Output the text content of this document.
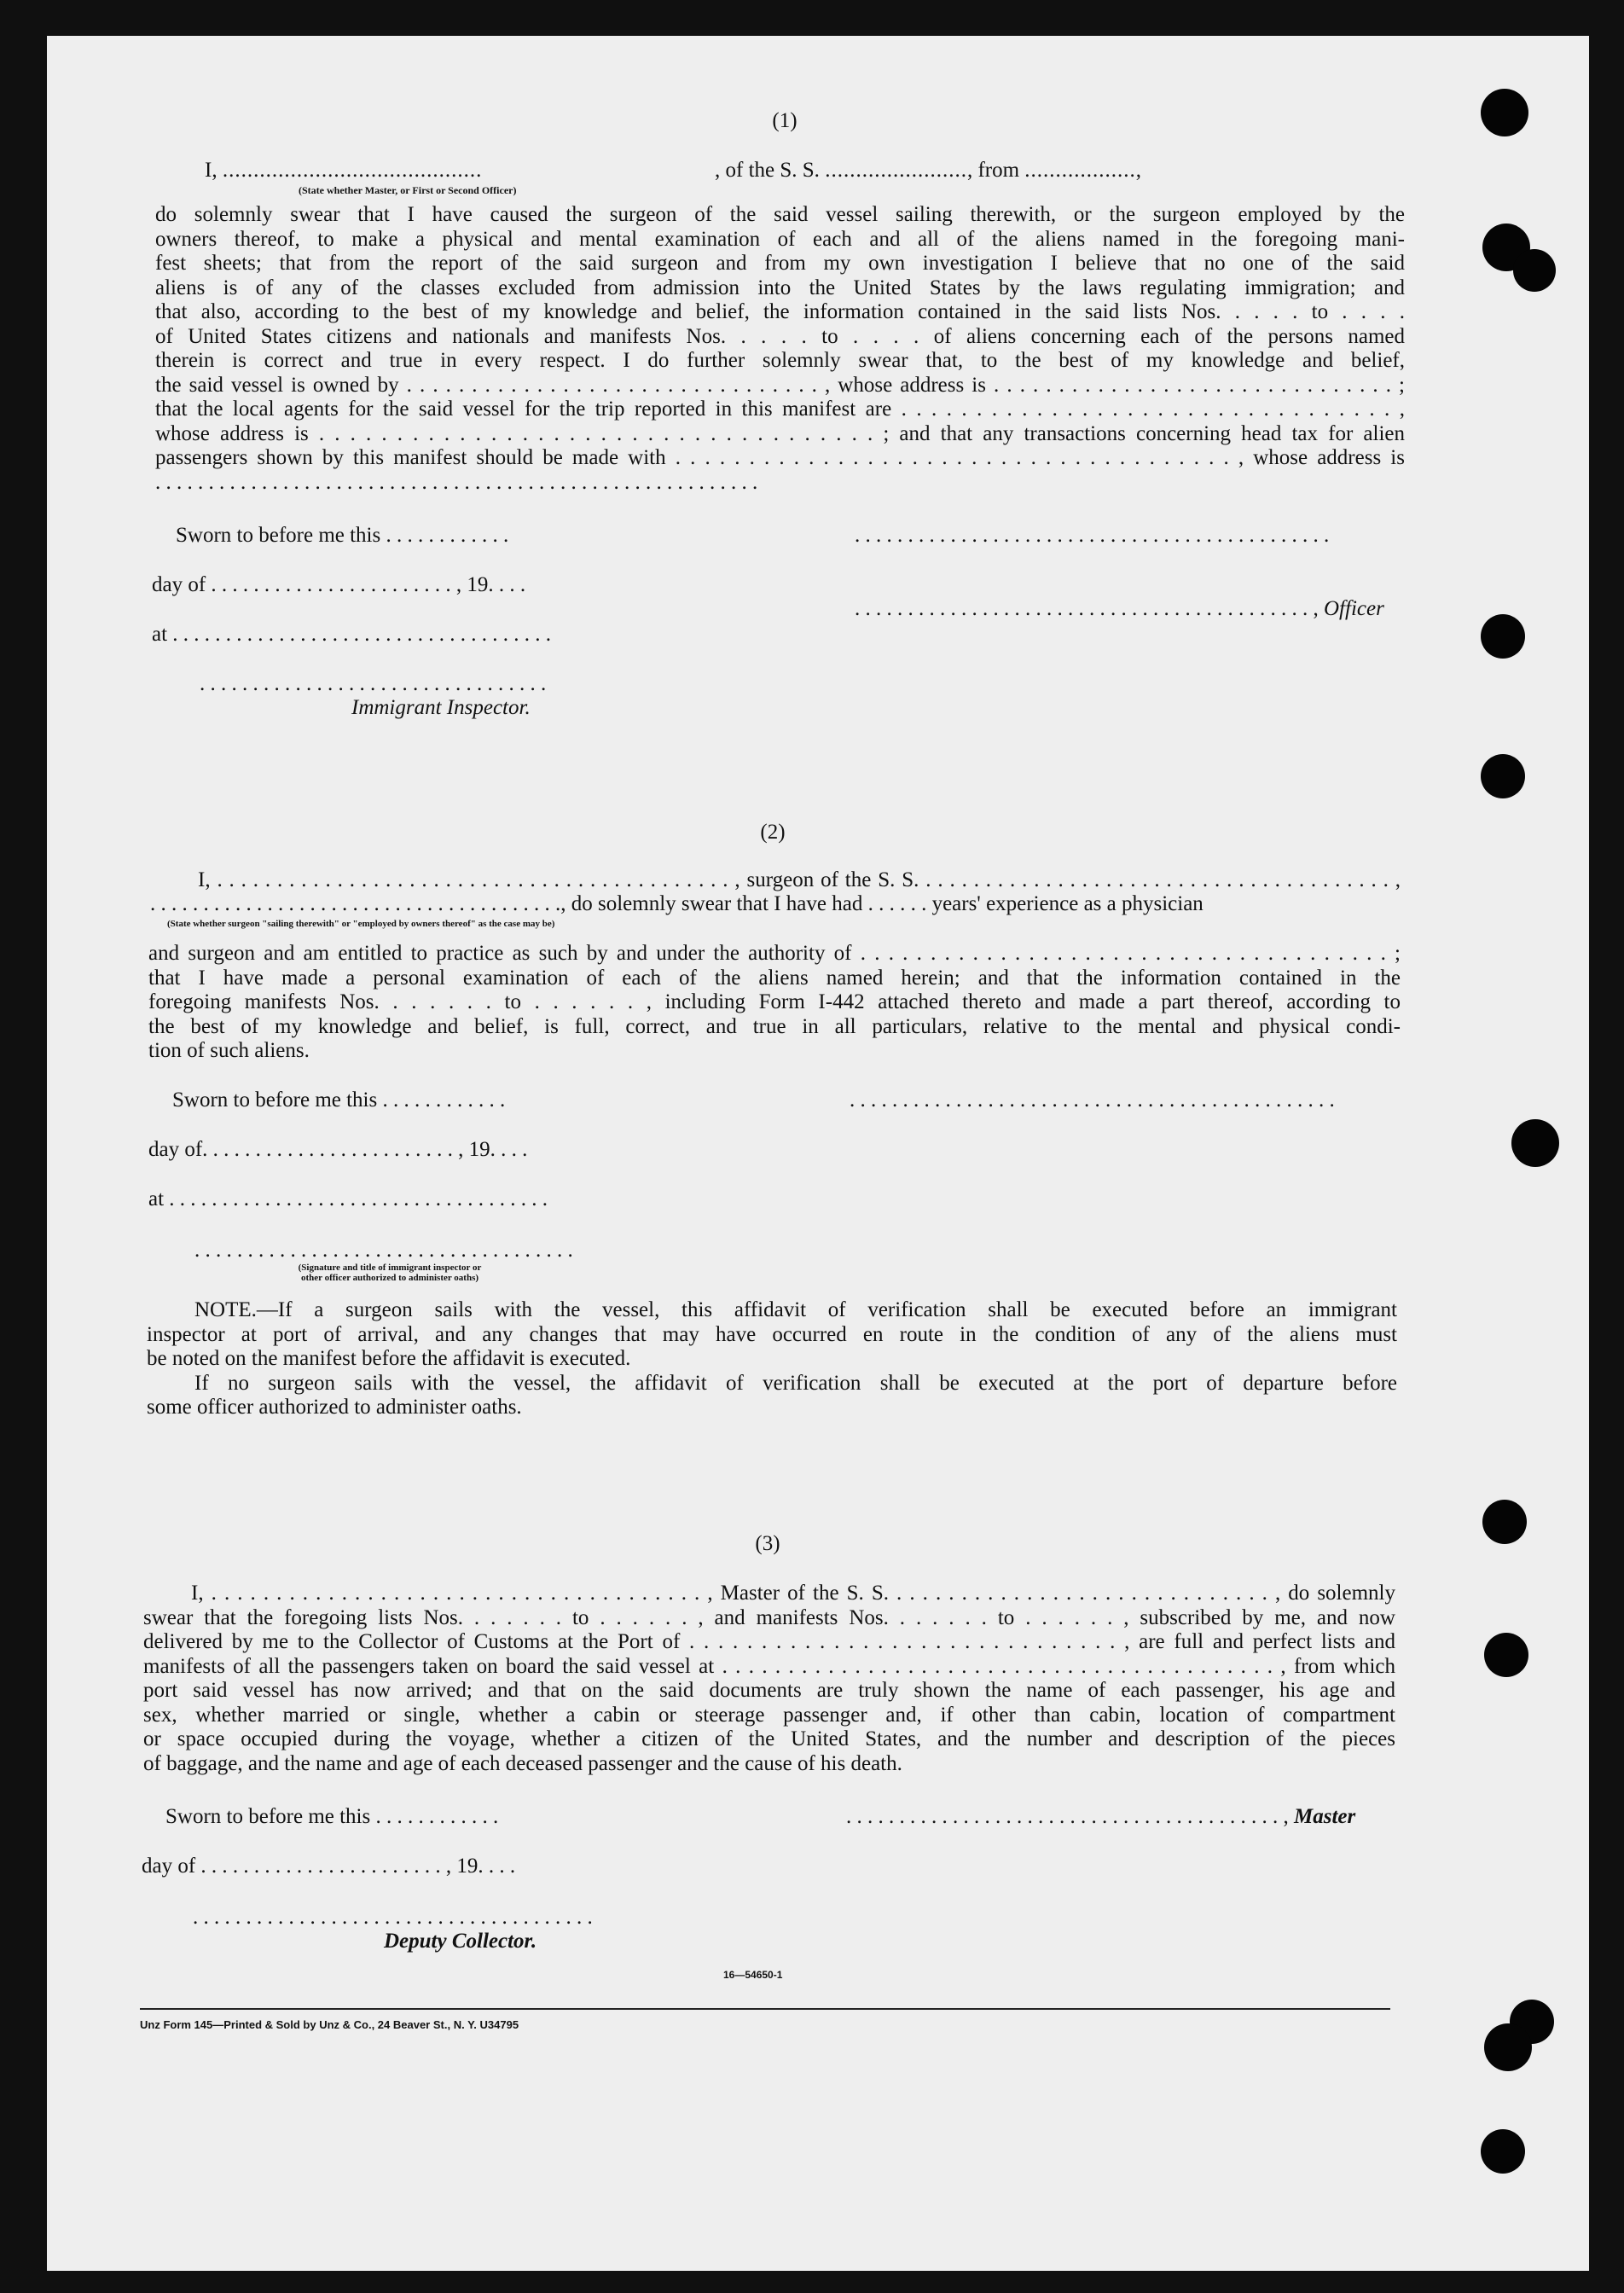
(1)
I, ..........................................	, of the S. S. ......................., from ..................,
(State whether Master, or First or Second Officer)
do solemnly swear that I have caused the surgeon of the said vessel sailing therewith, or the surgeon employed by the
owners thereof, to make a physical and mental examination of each and all of the aliens named in the foregoing mani-
fest sheets; that from the report of the said surgeon and from my own investigation I believe that no one of the said
aliens is of any of the classes excluded from admission into the United States by the laws regulating immigration; and
that also, according to the best of my knowledge and belief, the information contained in the said lists Nos. . . . . to . . . .
of United States citizens and nationals and manifests Nos. . . . . to . . . . of aliens concerning each of the persons named
therein is correct and true in every respect. I do further solemnly swear that, to the best of my knowledge and belief,
the said vessel is owned by . . . . . . . . . . . . . . . . . . . . . . . . . . . . . . . . , whose address is . . . . . . . . . . . . . . . . . . . . . . . . . . . . . . . ;
that the local agents for the said vessel for the trip reported in this manifest are . . . . . . . . . . . . . . . . . . . . . . . . . . . . . . . . . ,
whose address is . . . . . . . . . . . . . . . . . . . . . . . . . . . . . . . . . . . . ; and that any transactions concerning head tax for alien
passengers shown by this manifest should be made with . . . . . . . . . . . . . . . . . . . . . . . . . . . . . . . . . . . . . . , whose address is
. . . . . . . . . . . . . . . . . . . . . . . . . . . . . . . . . . . . . . . . . . . . . . . . . . . . . . . . .
Sworn to before me this . . . . . . . . . . . .	. . . . . . . . . . . . . . . . . . . . . . . . . . . . . . . . . . . . . . . . . . . . .
day of . . . . . . . . . . . . . . . . . . . . . . . , 19. . . .
. . . . . . . . . . . . . . . . . . . . . . . . . . . . . . . . . . . . . . . . . . . , Officer
at . . . . . . . . . . . . . . . . . . . . . . . . . . . . . . . . . . . .
. . . . . . . . . . . . . . . . . . . . . . . . . . . . . . . . .
Immigrant Inspector.
(2)
I, . . . . . . . . . . . . . . . . . . . . . . . . . . . . . . . . . . . . . . . . . . . , surgeon of the S. S. . . . . . . . . . . . . . . . . . . . . . . . . . . . . . . . . . . . . . . . ,
. . . . . . . . . . . . . . . . . . . . . . . . . . . . . . . . . . . . . . ., do solemnly swear that I have had . . . . . . years' experience as a physician
(State whether surgeon "sailing therewith" or "employed by owners thereof" as the case may be)
and surgeon and am entitled to practice as such by and under the authority of . . . . . . . . . . . . . . . . . . . . . . . . . . . . . . . . . . . . . . ;
that I have made a personal examination of each of the aliens named herein; and that the information contained in the
foregoing manifests Nos. . . . . . . to . . . . . . , including Form I-442 attached thereto and made a part thereof, according to
the best of my knowledge and belief, is full, correct, and true in all particulars, relative to the mental and physical condi-
tion of such aliens.
Sworn to before me this . . . . . . . . . . . .	. . . . . . . . . . . . . . . . . . . . . . . . . . . . . . . . . . . . . . . . . . . . . .
day of. . . . . . . . . . . . . . . . . . . . . . . . , 19. . . .
at . . . . . . . . . . . . . . . . . . . . . . . . . . . . . . . . . . . .
. . . . . . . . . . . . . . . . . . . . . . . . . . . . . . . . . . . .
(Signature and title of immigrant inspector or
other officer authorized to administer oaths)
NOTE.—If a surgeon sails with the vessel, this affidavit of verification shall be executed before an immigrant
inspector at port of arrival, and any changes that may have occurred en route in the condition of any of the aliens must
be noted on the manifest before the affidavit is executed.
If no surgeon sails with the vessel, the affidavit of verification shall be executed at the port of departure before
some officer authorized to administer oaths.
(3)
I, . . . . . . . . . . . . . . . . . . . . . . . . . . . . . . . . . . . . . . , Master of the S. S. . . . . . . . . . . . . . . . . . . . . . . . . . . . . . , do solemnly
swear that the foregoing lists Nos. . . . . . . to . . . . . . , and manifests Nos. . . . . . . to . . . . . . , subscribed by me, and now
delivered by me to the Collector of Customs at the Port of . . . . . . . . . . . . . . . . . . . . . . . . . . . . . . , are full and perfect lists and
manifests of all the passengers taken on board the said vessel at . . . . . . . . . . . . . . . . . . . . . . . . . . . . . . . . . . . . . . . . . . , from which
port said vessel has now arrived; and that on the said documents are truly shown the name of each passenger, his age and
sex, whether married or single, whether a cabin or steerage passenger and, if other than cabin, location of compartment
or space occupied during the voyage, whether a citizen of the United States, and the number and description of the pieces
of baggage, and the name and age of each deceased passenger and the cause of his death.
Sworn to before me this . . . . . . . . . . . .	. . . . . . . . . . . . . . . . . . . . . . . . . . . . . . . . . . . . . . . . . , Master
day of . . . . . . . . . . . . . . . . . . . . . . . , 19. . . .
. . . . . . . . . . . . . . . . . . . . . . . . . . . . . . . . . . . . . .
Deputy Collector.
16—54650-1
Unz Form 145—Printed & Sold by Unz & Co., 24 Beaver St., N. Y. U34795
